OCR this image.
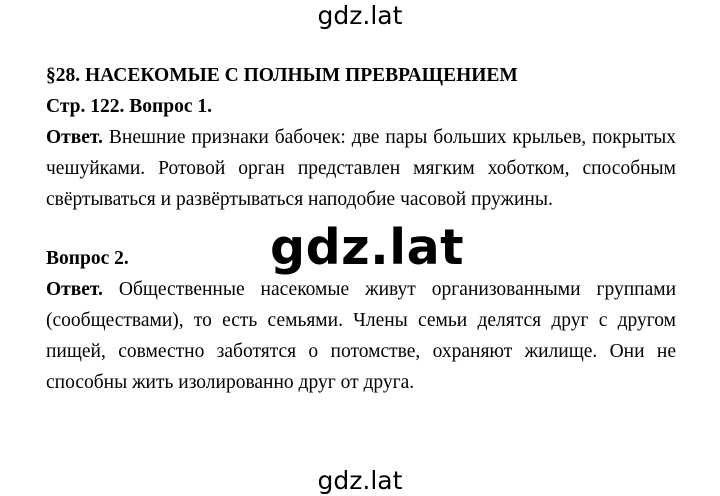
gdz.lat
§28. НАСЕКОМЫЕ С ПОЛНЫМ ПРЕВРАЩЕНИЕМ
Стр. 122. Вопрос 1.
Ответ. Внешние признаки бабочек: две пары больших крыльев, покрытых чешуйками. Ротовой орган представлен мягким хоботком, способным свёртываться и развёртываться наподобие часовой пружины.
Вопрос 2.
Ответ. Общественные насекомые живут организованными группами (сообществами), то есть семьями. Члены семьи делятся друг с другом пищей, совместно заботятся о потомстве, охраняют жилище. Они не способны жить изолированно друг от друга.
gdz.lat
gdz.lat
